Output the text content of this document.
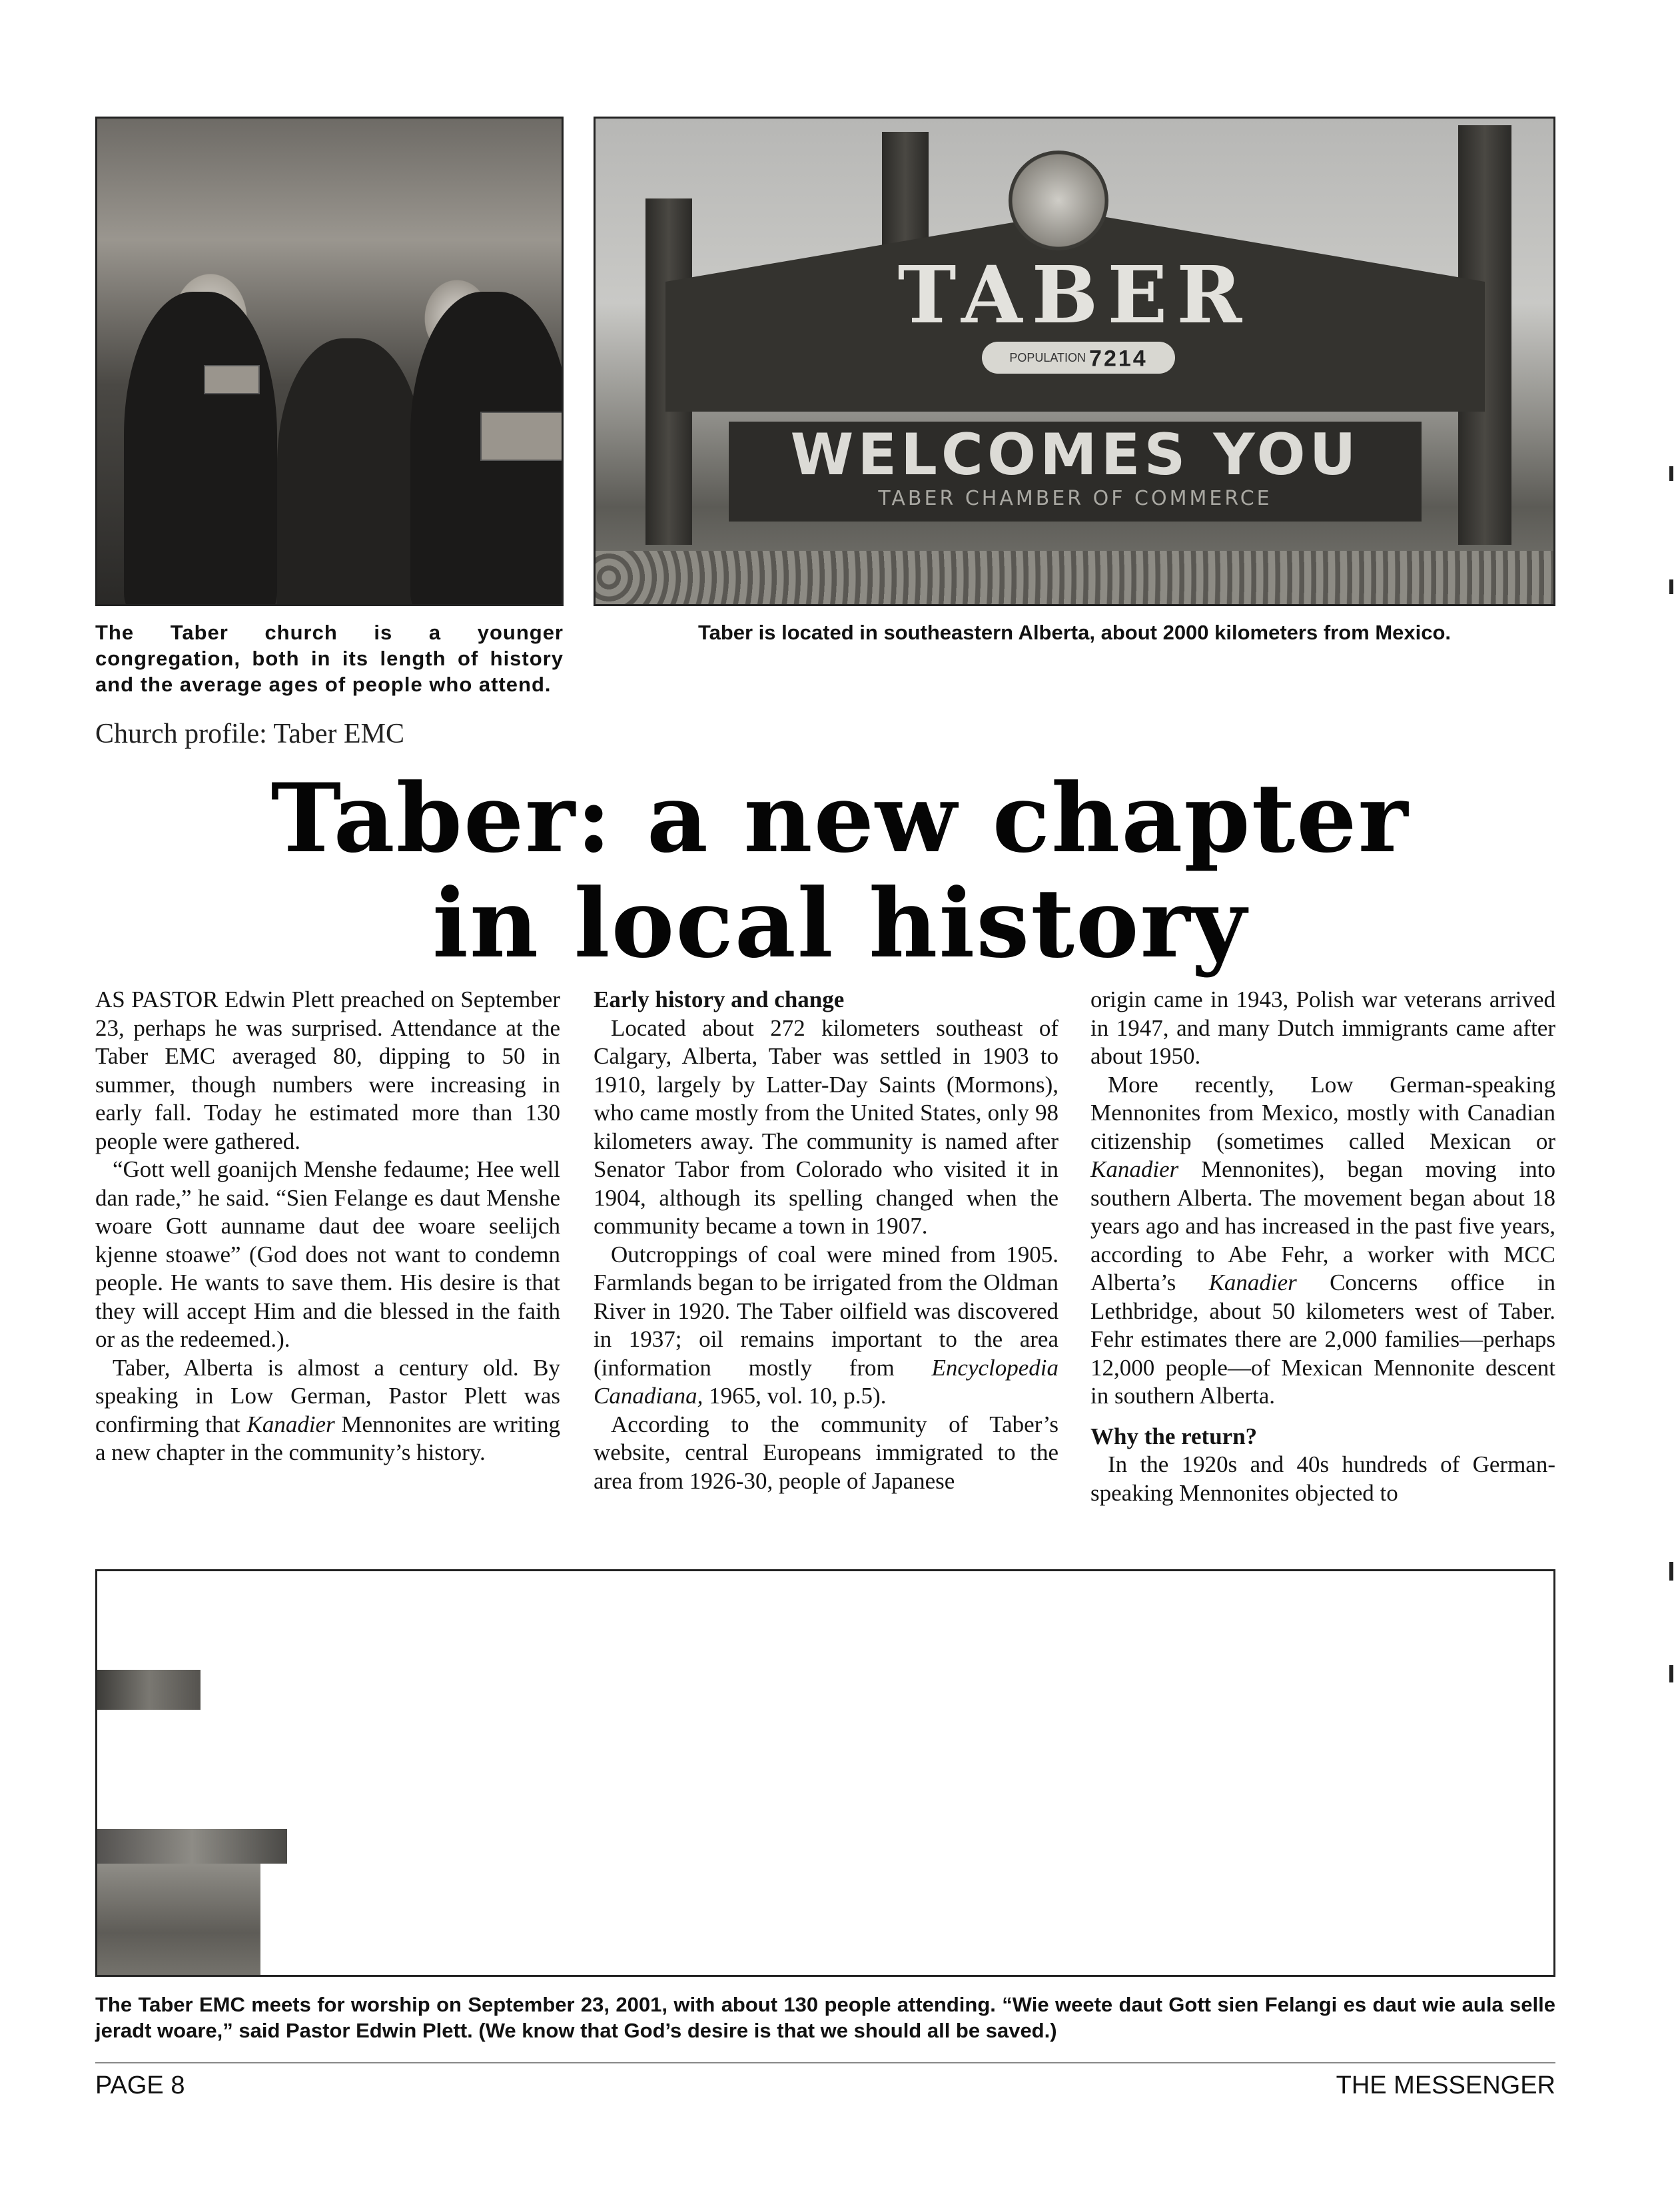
TABER
POPULATION 7214
WELCOMES YOU
TABER CHAMBER OF COMMERCE
The Taber church is a younger congregation, both in its length of history and the average ages of people who attend.
Taber is located in southeastern Alberta, about 2000 kilometers from Mexico.
Church profile: Taber EMC
Taber: a new chapter
in local history

AS PASTOR Edwin Plett preached on September 23, perhaps he was surprised. Attendance at the Taber EMC averaged 80, dipping to 50 in summer, though numbers were increasing in early fall. Today he estimated more than 130 people were gathered.

“Gott well goanijch Menshe fedaume; Hee well dan rade,” he said. “Sien Felange es daut Menshe woare Gott aunname daut dee woare seelijch kjenne stoawe” (God does not want to condemn people. He wants to save them. His desire is that they will accept Him and die blessed in the faith or as the redeemed.).

Taber, Alberta is almost a century old. By speaking in Low German, Pastor Plett was confirming that Kanadier Mennonites are writing a new chapter in the community’s history.

Early history and change

Located about 272 kilometers southeast of Calgary, Alberta, Taber was settled in 1903 to 1910, largely by Latter-Day Saints (Mormons), who came mostly from the United States, only 98 kilometers away. The community is named after Senator Tabor from Colorado who visited it in 1904, although its spelling changed when the community became a town in 1907.

Outcroppings of coal were mined from 1905. Farmlands began to be irrigated from the Oldman River in 1920. The Taber oilfield was discovered in 1937; oil remains important to the area (information mostly from Encyclopedia Canadiana, 1965, vol. 10, p.5).

According to the community of Taber’s website, central Europeans immigrated to the area from 1926-30, people of Japanese

origin came in 1943, Polish war veterans arrived in 1947, and many Dutch immigrants came after about 1950.

More recently, Low German-speaking Mennonites from Mexico, mostly with Canadian citizenship (sometimes called Mexican or Kanadier Mennonites), began moving into southern Alberta. The movement began about 18 years ago and has increased in the past five years, according to Abe Fehr, a worker with MCC Alberta’s Kanadier Concerns office in Lethbridge, about 50 kilometers west of Taber. Fehr estimates there are 2,000 families—perhaps 12,000 people—of Mexican Mennonite descent in southern Alberta.

Why the return?

In the 1920s and 40s hundreds of German-speaking Mennonites objected to

The Taber EMC meets for worship on September 23, 2001, with about 130 people attending. “Wie weete daut Gott sien Felangi es daut wie aula selle jeradt woare,” said Pastor Edwin Plett. (We know that God’s desire is that we should all be saved.)
PAGE 8	THE MESSENGER
